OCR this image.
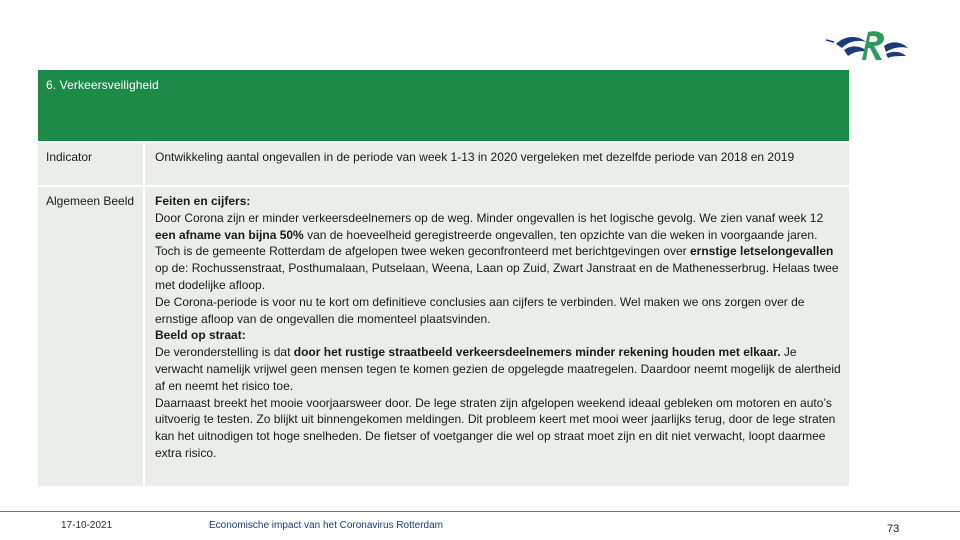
6. Verkeersveiligheid
Indicator	Ontwikkeling aantal ongevallen in de periode van week 1-13 in 2020 vergeleken met dezelfde periode van 2018 en 2019
Algemeen Beeld	Feiten en cijfers:
Door Corona zijn er minder verkeersdeelnemers op de weg. Minder ongevallen is het logische gevolg. We zien vanaf week 12 een afname van bijna 50% van de hoeveelheid geregistreerde ongevallen, ten opzichte van die weken in voorgaande jaren.
Toch is de gemeente Rotterdam de afgelopen twee weken geconfronteerd met berichtgevingen over ernstige letselongevallen op de: Rochussenstraat, Posthumalaan, Putselaan, Weena, Laan op Zuid, Zwart Janstraat en de Mathenesserbrug. Helaas twee met dodelijke afloop.
De Corona-periode is voor nu te kort om definitieve conclusies aan cijfers te verbinden. Wel maken we ons zorgen over de ernstige afloop van de ongevallen die momenteel plaatsvinden.
Beeld op straat:
De veronderstelling is dat door het rustige straatbeeld verkeersdeelnemers minder rekening houden met elkaar. Je verwacht namelijk vrijwel geen mensen tegen te komen gezien de opgelegde maatregelen. Daardoor neemt mogelijk de alertheid af en neemt het risico toe.
Daarnaast breekt het mooie voorjaarsweer door. De lege straten zijn afgelopen weekend ideaal gebleken om motoren en auto’s uitvoerig te testen. Zo blijkt uit binnengekomen meldingen. Dit probleem keert met mooi weer jaarlijks terug, door de lege straten kan het uitnodigen tot hoge snelheden. De fietser of voetganger die wel op straat moet zijn en dit niet verwacht, loopt daarmee extra risico.
17-10-2021	Economische impact van het Coronavirus Rotterdam	73
